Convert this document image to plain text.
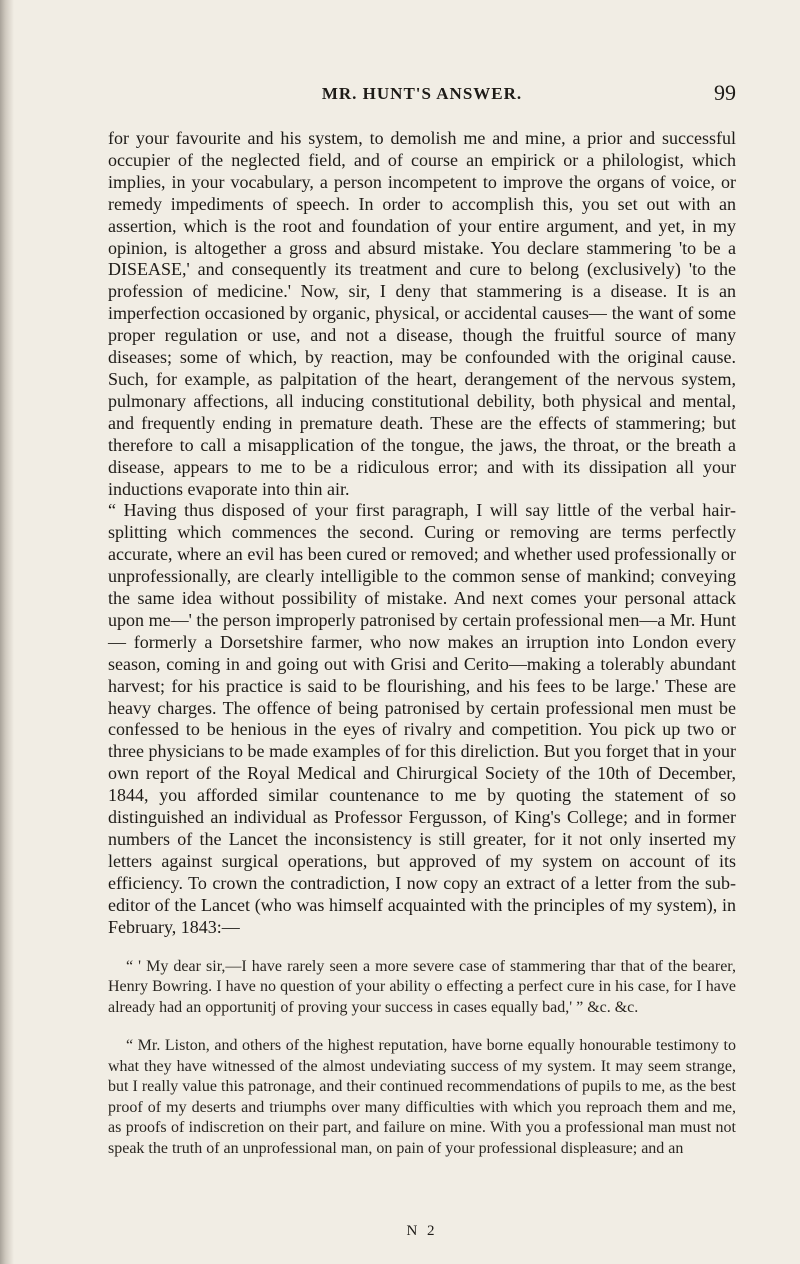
MR. HUNT'S ANSWER.	99

for your favourite and his system, to demolish me and mine, a prior and successful occupier of the neglected field, and of course an empirick or a philologist, which implies, in your vocabulary, a person incompetent to improve the organs of voice, or remedy impediments of speech. In order to accomplish this, you set out with an assertion, which is the root and foundation of your entire argument, and yet, in my opinion, is altogether a gross and absurd mistake. You declare stammering 'to be a DISEASE,' and consequently its treatment and cure to belong (exclusively) 'to the profession of medicine.' Now, sir, I deny that stammering is a disease. It is an imperfection occasioned by organic, physical, or accidental causes— the want of some proper regulation or use, and not a disease, though the fruitful source of many diseases; some of which, by reaction, may be confounded with the original cause. Such, for example, as palpitation of the heart, derangement of the nervous system, pulmonary affections, all inducing constitutional debility, both physical and mental, and frequently ending in premature death. These are the effects of stammering; but therefore to call a misapplication of the tongue, the jaws, the throat, or the breath a disease, appears to me to be a ridiculous error; and with its dissipation all your inductions evaporate into thin air.

“ Having thus disposed of your first paragraph, I will say little of the verbal hair-splitting which commences the second. Curing or removing are terms perfectly accurate, where an evil has been cured or removed; and whether used professionally or unprofessionally, are clearly intelligible to the common sense of mankind; conveying the same idea without possibility of mistake. And next comes your personal attack upon me—' the person improperly patronised by certain professional men—a Mr. Hunt— formerly a Dorsetshire farmer, who now makes an irruption into London every season, coming in and going out with Grisi and Cerito—making a tolerably abundant harvest; for his practice is said to be flourishing, and his fees to be large.' These are heavy charges. The offence of being patronised by certain professional men must be confessed to be henious in the eyes of rivalry and competition. You pick up two or three physicians to be made examples of for this direliction. But you forget that in your own report of the Royal Medical and Chirurgical Society of the 10th of December, 1844, you afforded similar countenance to me by quoting the statement of so distinguished an individual as Professor Fergusson, of King's College; and in former numbers of the Lancet the inconsistency is still greater, for it not only inserted my letters against surgical operations, but approved of my system on account of its efficiency. To crown the contradiction, I now copy an extract of a letter from the sub-editor of the Lancet (who was himself acquainted with the principles of my system), in February, 1843:—

“ ' My dear sir,—I have rarely seen a more severe case of stammering thar that of the bearer, Henry Bowring. I have no question of your ability o effecting a perfect cure in his case, for I have already had an opportunitј of proving your success in cases equally bad,' ” &c. &c.

“ Mr. Liston, and others of the highest reputation, have borne equally honourable testimony to what they have witnessed of the almost undeviating success of my system. It may seem strange, but I really value this patronage, and their continued recommendations of pupils to me, as the best proof of my deserts and triumphs over many difficulties with which you reproach them and me, as proofs of indiscretion on their part, and failure on mine. With you a professional man must not speak the truth of an unprofessional man, on pain of your professional displeasure; and an

N 2
